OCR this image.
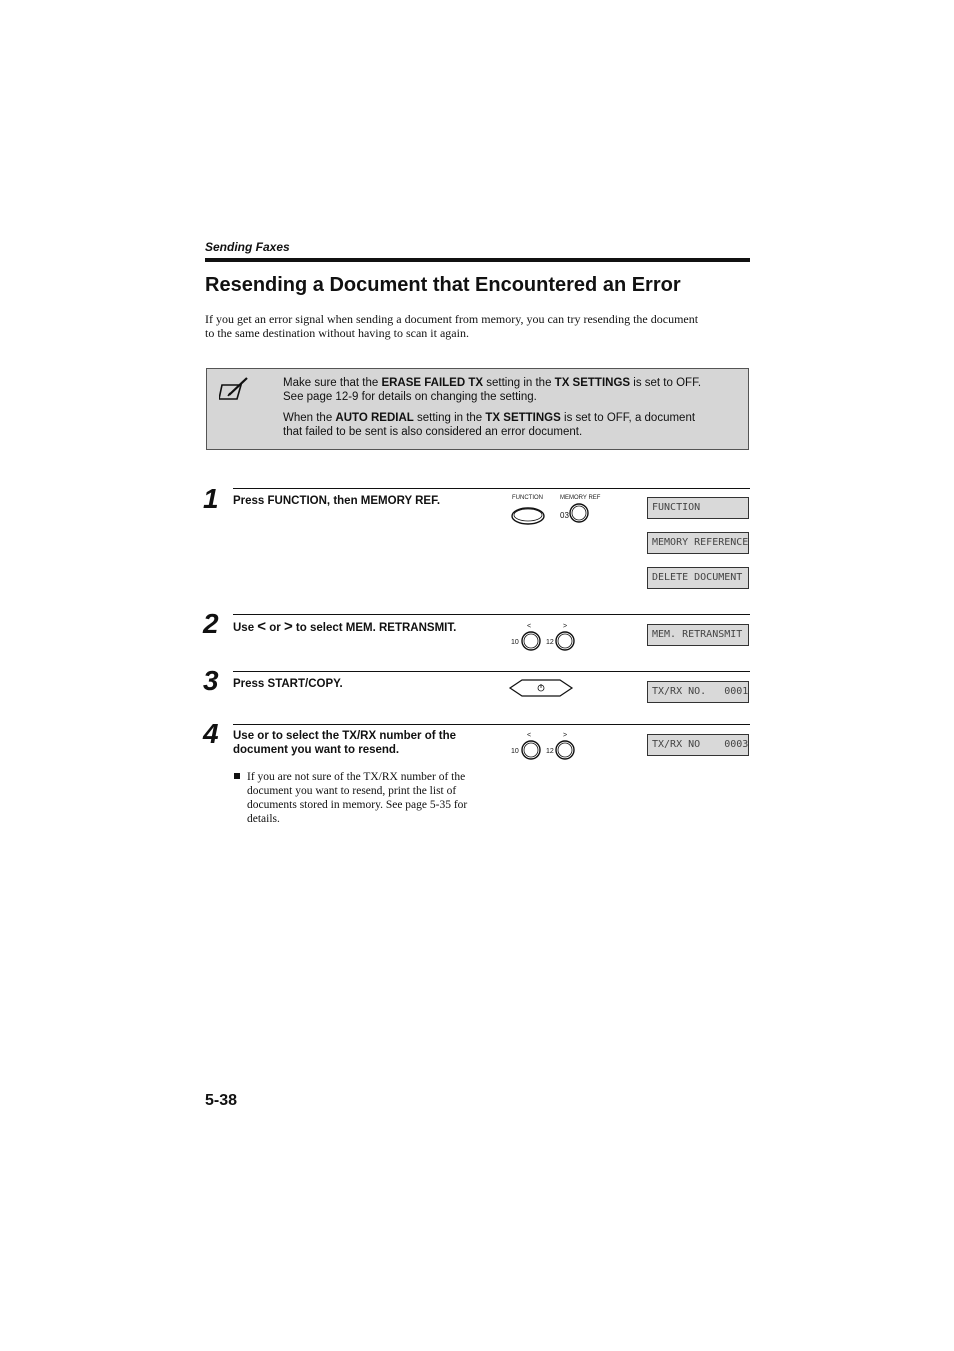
Sending Faxes
Resending a Document that Encountered an Error
If you get an error signal when sending a document from memory, you can try resending the document
to the same destination without having to scan it again.
Make sure that the ERASE FAILED TX setting in the TX SETTINGS is set to OFF.
See page 12-9 for details on changing the setting.
When the AUTO REDIAL setting in the TX SETTINGS is set to OFF, a document
that failed to be sent is also considered an error document.
1 Press FUNCTION, then MEMORY REF.	FUNCTION	MEMORY REF
03
FUNCTION
MEMORY REFERENCE
DELETE DOCUMENT
2 Use < or > to select MEM. RETRANSMIT.	<	>
10	12
MEM. RETRANSMIT
3 Press START/COPY.
TX/RX NO.   0001
4 Use or to select the TX/RX number of the
document you want to resend.
<	>
10	12
TX/RX NO    0003
If you are not sure of the TX/RX number of the
document you want to resend, print the list of
documents stored in memory. See page 5-35 for
details.
5-38
